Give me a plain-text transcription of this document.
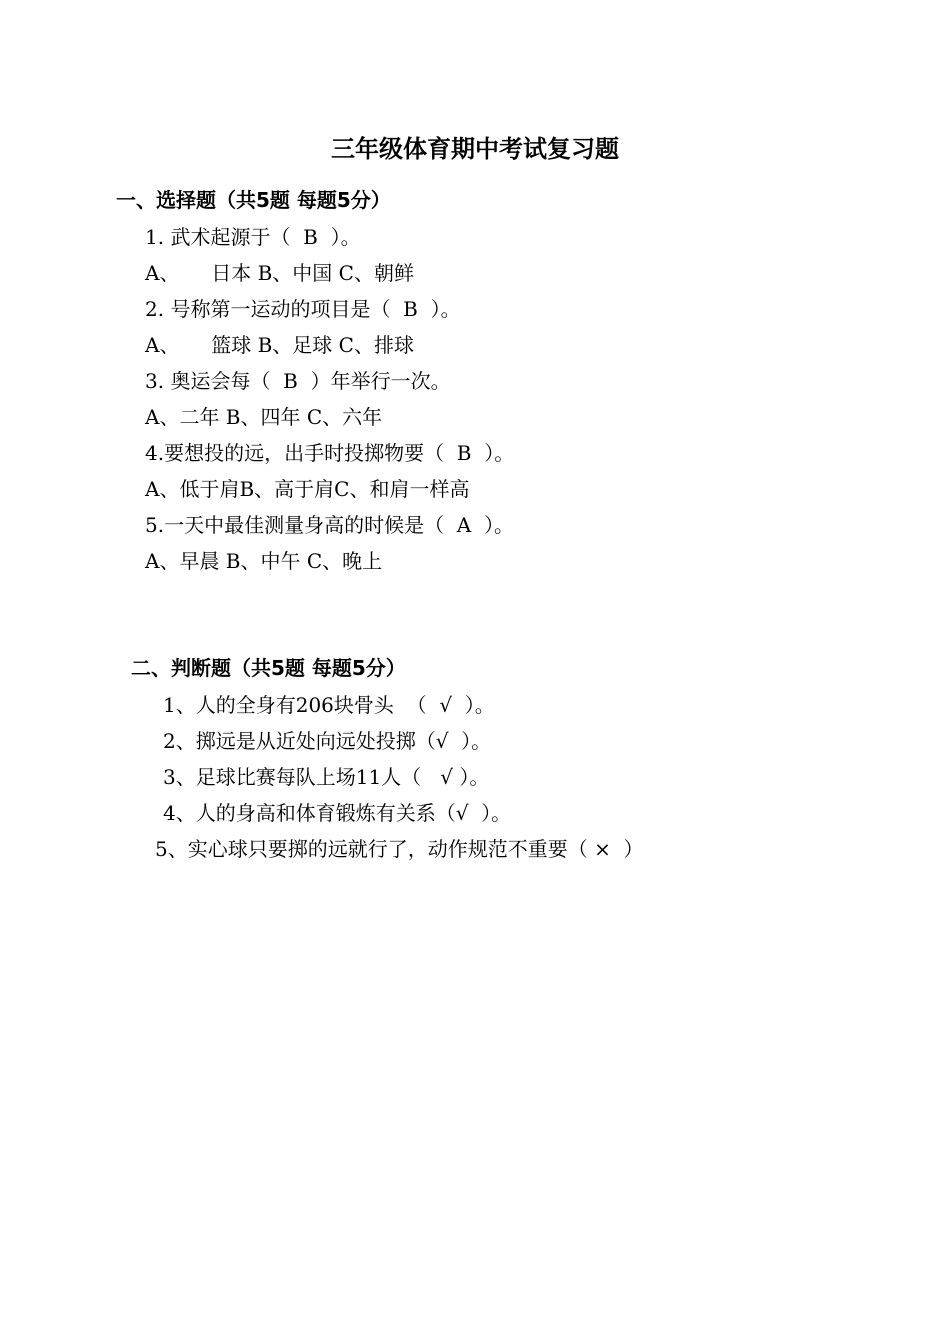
三年级体育期中考试复习题
一、选择题（共5题 每题5分）
1. 武术起源于（  B  ）。
A、     日本 B、中国 C、朝鲜
2. 号称第一运动的项目是（  B  ）。
A、     篮球 B、足球 C、排球
3. 奥运会每（  B  ）年举行一次。
A、二年 B、四年 C、六年
4.要想投的远，出手时投掷物要（  B  ）。
A、低于肩B、高于肩C、和肩一样高
5.一天中最佳测量身高的时候是（  A  ）。
A、早晨 B、中午 C、晚上
二、判断题（共5题 每题5分）
1、人的全身有206块骨头  （  √  ）。
2、掷远是从近处向远处投掷（√  ）。
3、足球比赛每队上场11人（   √ ）。
4、人的身高和体育锻炼有关系（√  ）。
5、实心球只要掷的远就行了，动作规范不重要（ ×  ）
